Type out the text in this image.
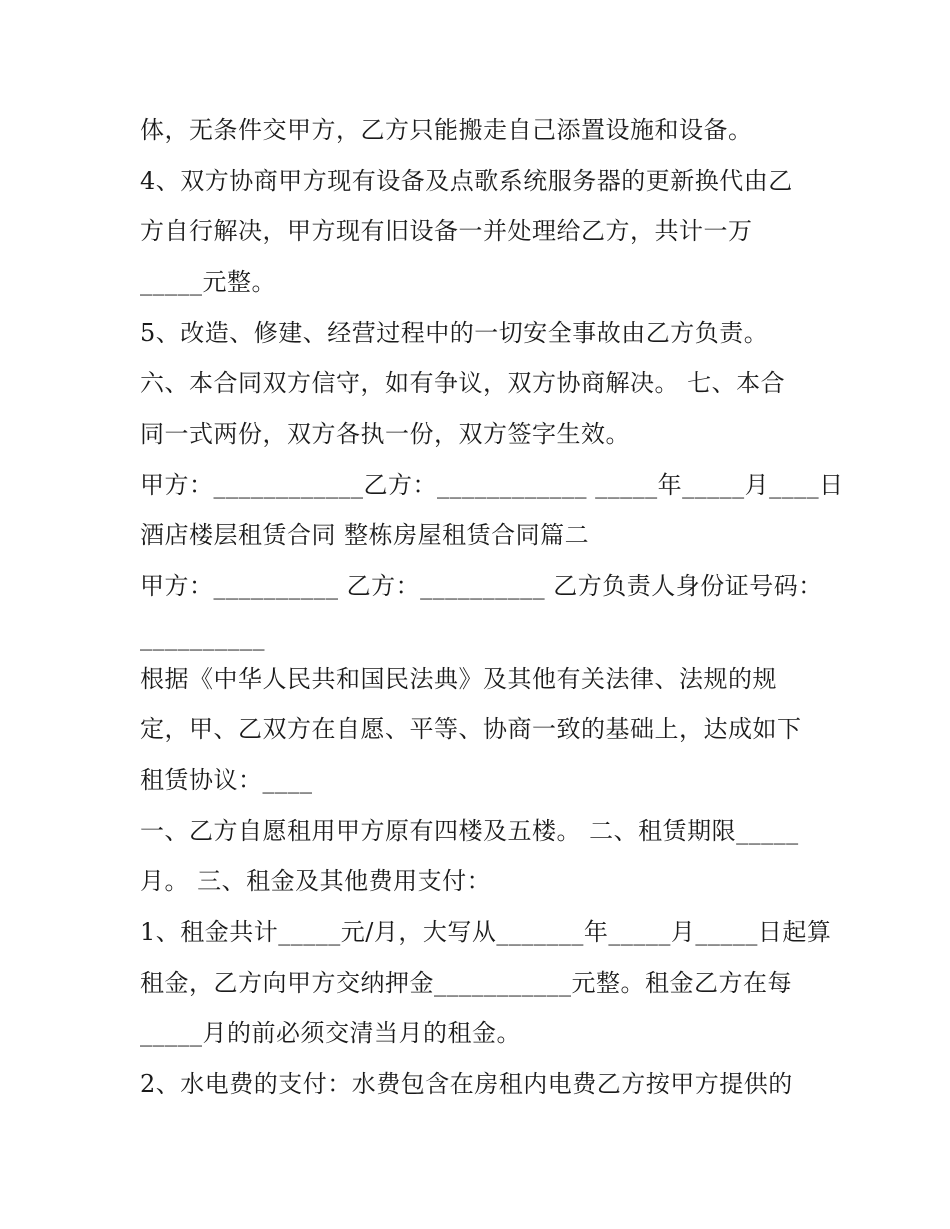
体，无条件交甲方，乙方只能搬走自己添置设施和设备。
4、双方协商甲方现有设备及点歌系统服务器的更新换代由乙
方自行解决，甲方现有旧设备一并处理给乙方，共计一万
_____元整。
5、改造、修建、经营过程中的一切安全事故由乙方负责。
六、本合同双方信守，如有争议，双方协商解决。 七、本合
同一式两份，双方各执一份，双方签字生效。
甲方：____________乙方：____________ _____年_____月____日
酒店楼层租赁合同 整栋房屋租赁合同篇二
甲方：__________ 乙方：__________ 乙方负责人身份证号码：
__________
根据《中华人民共和国民法典》及其他有关法律、法规的规
定，甲、乙双方在自愿、平等、协商一致的基础上，达成如下
租赁协议：____
一、乙方自愿租用甲方原有四楼及五楼。 二、租赁期限_____
月。 三、租金及其他费用支付：
1、租金共计_____元/月，大写从_______年_____月_____日起算
租金，乙方向甲方交纳押金___________元整。租金乙方在每
_____月的前必须交清当月的租金。
2、水电费的支付：水费包含在房租内电费乙方按甲方提供的
